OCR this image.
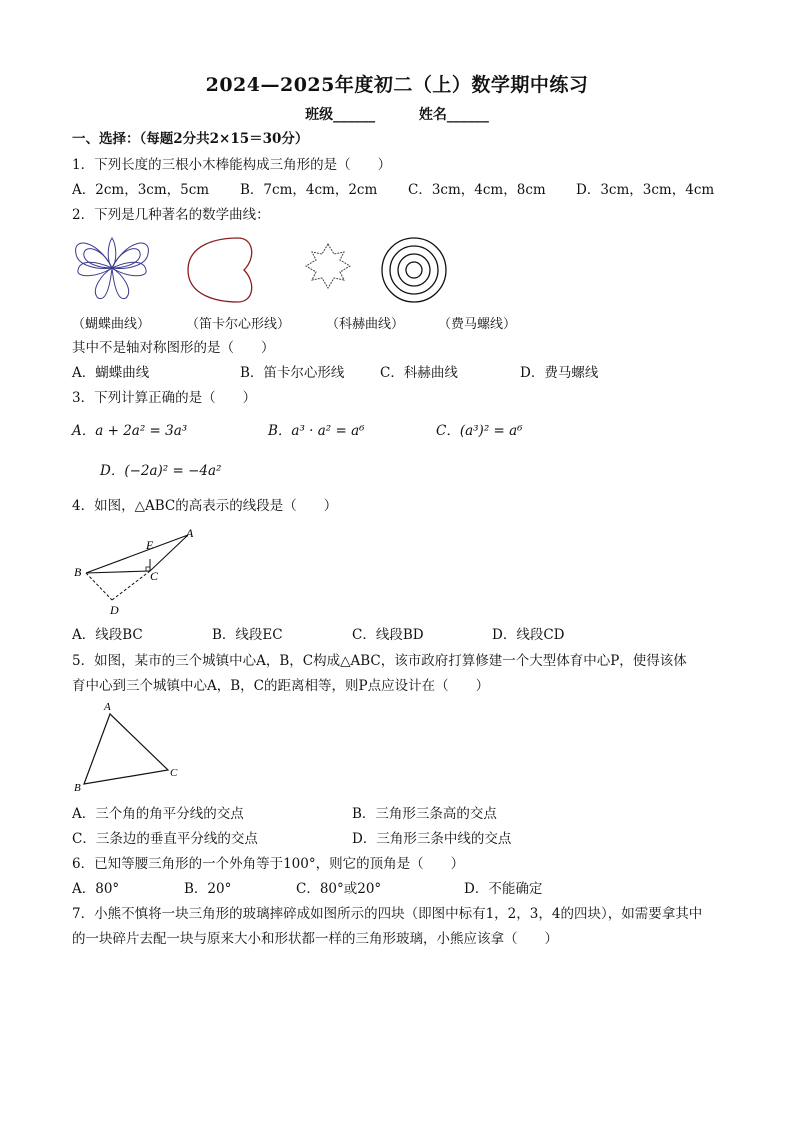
2024—2025年度初二（上）数学期中练习
班级______	姓名______
一、选择：（每题2分共2×15＝30分）
1．下列长度的三根小木棒能构成三角形的是（　　）
A．2cm，3cm，5cm B．7cm，4cm，2cm C．3cm，4cm，8cm D．3cm，3cm，4cm
2．下列是几种著名的数学曲线：
（蝴蝶曲线）	（笛卡尔心形线）	（科赫曲线）	（费马螺线）
其中不是轴对称图形的是（　　）
A．蝴蝶曲线	B．笛卡尔心形线	C．科赫曲线	D．费马螺线
3．下列计算正确的是（　　）
A．a + 2a² = 3a³	B．a³ · a² = a⁶	C．(a³)² = a⁶
D．(−2a)² = −4a²
4．如图，△ABC的高表示的线段是（　　）
A
B	C
D
E
A．线段BC	B．线段EC	C．线段BD	D．线段CD
5．如图，某市的三个城镇中心A，B，C构成△ABC，该市政府打算修建一个大型体育中心P，使得该体
育中心到三个城镇中心A，B，C的距离相等，则P点应设计在（　　）
A
B
C
A．三个角的角平分线的交点	B．三角形三条高的交点
C．三条边的垂直平分线的交点	D．三角形三条中线的交点
6．已知等腰三角形的一个外角等于100°，则它的顶角是（　　）
A．80°	B．20°	C．80°或20°	D．不能确定
7．小熊不慎将一块三角形的玻璃摔碎成如图所示的四块（即图中标有1，2，3，4的四块），如需要拿其中
的一块碎片去配一块与原来大小和形状都一样的三角形玻璃，小熊应该拿（　　）
